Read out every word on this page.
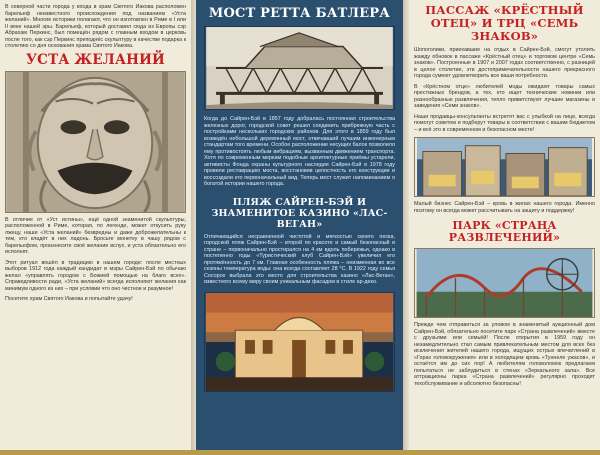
В северной части города у входа в храм Святого Иакова расположен барельеф неизвестного происхождения под названием «Уста желаний». Многие историки полагают, что он изготовлен в Риме в I или II веке нашей эры. Барельеф, который доставил сюда из Европы сэр Абрахам Перкинс, был помещён рядом с главным входом в церковь после того, как сэр Перкинс преподнёс скульптуру в качестве подарка к столетию со дня основания храма Святого Иакова.

УСТА ЖЕЛАНИЙ

В отличие от «Уст истины», ещё одной знаменитой скульптуры, расположенной в Риме, которая, по легенде, может откусить руку лжецу, наши «Уста желаний» безвредны и даже доброжелательны к тем, кто кладёт в них ладонь. Бросьте монетку в чашу рядом с барельефом, произнесите своё желание вслух, и уста обязательно его исполнят.

Этот ритуал вошёл в традицию в нашем городе: после местных выборов 1912 года каждый кандидат в мэры Сайрен-Бэй по обычаю желал «управлять городом с Божией помощью на благо всех». Справедливости ради, «Уста желаний» всегда исполняют желания как минимум одного из них – при условии что оно честное и разумное!

Посетите храм Святого Иакова и попытайте удачу!

МОСТ РЕТТА БАТЛЕРА

Когда до Сайрен-Бэй в 1857 году добралась постоянная строительства железных дорог, городской совет решил соединить прибрежную часть с постройками нескольких городских районов. Для этого в 1859 году был возведён небольшой деревянный мост, отвечавший лучшим инженерным стандартам того времени. Особое расположение несущих балок позволило ему противостоять любым вибрациям, вызванным движением транспорта. Хотя по современным меркам подобные архитектурные приёмы устарели, активисты Фонда охраны культурного наследия Сайрен-Бэй в 1978 году провели реставрацию моста, восстановив целостность его конструкции и воссоздали его первоначальный вид. Теперь мост служит напоминанием о богатой истории нашего города.

ПЛЯЖ САЙРЕН-БЭЙ И ЗНАМЕНИТОЕ КАЗИНО «ЛАС-ВЕГАН»

Отличающийся несравненной чистотой и мягкостью своего песка, городской пляж Сайрен-Бэй – второй по красоте и самый безопасный в стране – первоначально простирался на 4 км вдоль побережья, однако в постепенно годы «Туристический клуб Сайрен-Бэй» увеличил его протяжённость до 7 км. Главная особенность пляжа – неизменная во все сезоны температура воды: она всегда составляет 28 °С. В 1922 году семья Сосорсе выбрала это место для строительства казино «Лас-Веган», известного всему миру своим уникальным фасадом в стиле ар-деко.

ПАССАЖ «КРЁСТНЫЙ ОТЕЦ» И ТРЦ «СЕМЬ ЗНАКОВ»

Шопоголики, приехавшие на отдых в Сайрен-Бэй, смогут утолить жажду обновок в пассаже «Крёстный отец» и торговом центре «Семь знаков». Построенные в 1907 и 2007 годах соответственно, с разницей в целое столетие, эти достопримечательности нашего прекрасного города сумеют удовлетворить все ваши потребности.

В «Крёстном отце» любителей моды ожидают товары самых престижных брендов, а тех, кто ищет технические новинки или разнообразные развлечения, тепло приветствуют лучшие магазины и заведения «Семи знаков».

Наши продавцы-консультанты встретят вас с улыбкой на лице, всегда помогут советом и подберут товары в соответствии с вашим бюджетом – и всё это в современном и безопасном месте!

Малый бизнес Сайрен-Бэй – кровь в жилах нашего города. Именно поэтому он всегда может рассчитывать на защиту и поддержку!

ПАРК «СТРАНА РАЗВЛЕЧЕНИЙ»

Прежде чем отправиться за уловом в знаменитый аукционный дом Сайрен-Бэй, обязательно посетите парк «Страна развлечений» вместе с друзьями или семьёй! После открытия в 1959 году он незамедлительно стал самым привлекательным местом для всех без исключения жителей нашего города, ищущих острых впечатлений в «Горах головокружения» или в холодящем кровь «Туннеле ужасов», и остаётся им до сих пор! А любителям головоломок предлагаем попытаться не заблудиться в стенах «Зеркального зала». Все аттракционы парка «Страна развлечений» регулярно проходят техобслуживание и абсолютно безопасны!
